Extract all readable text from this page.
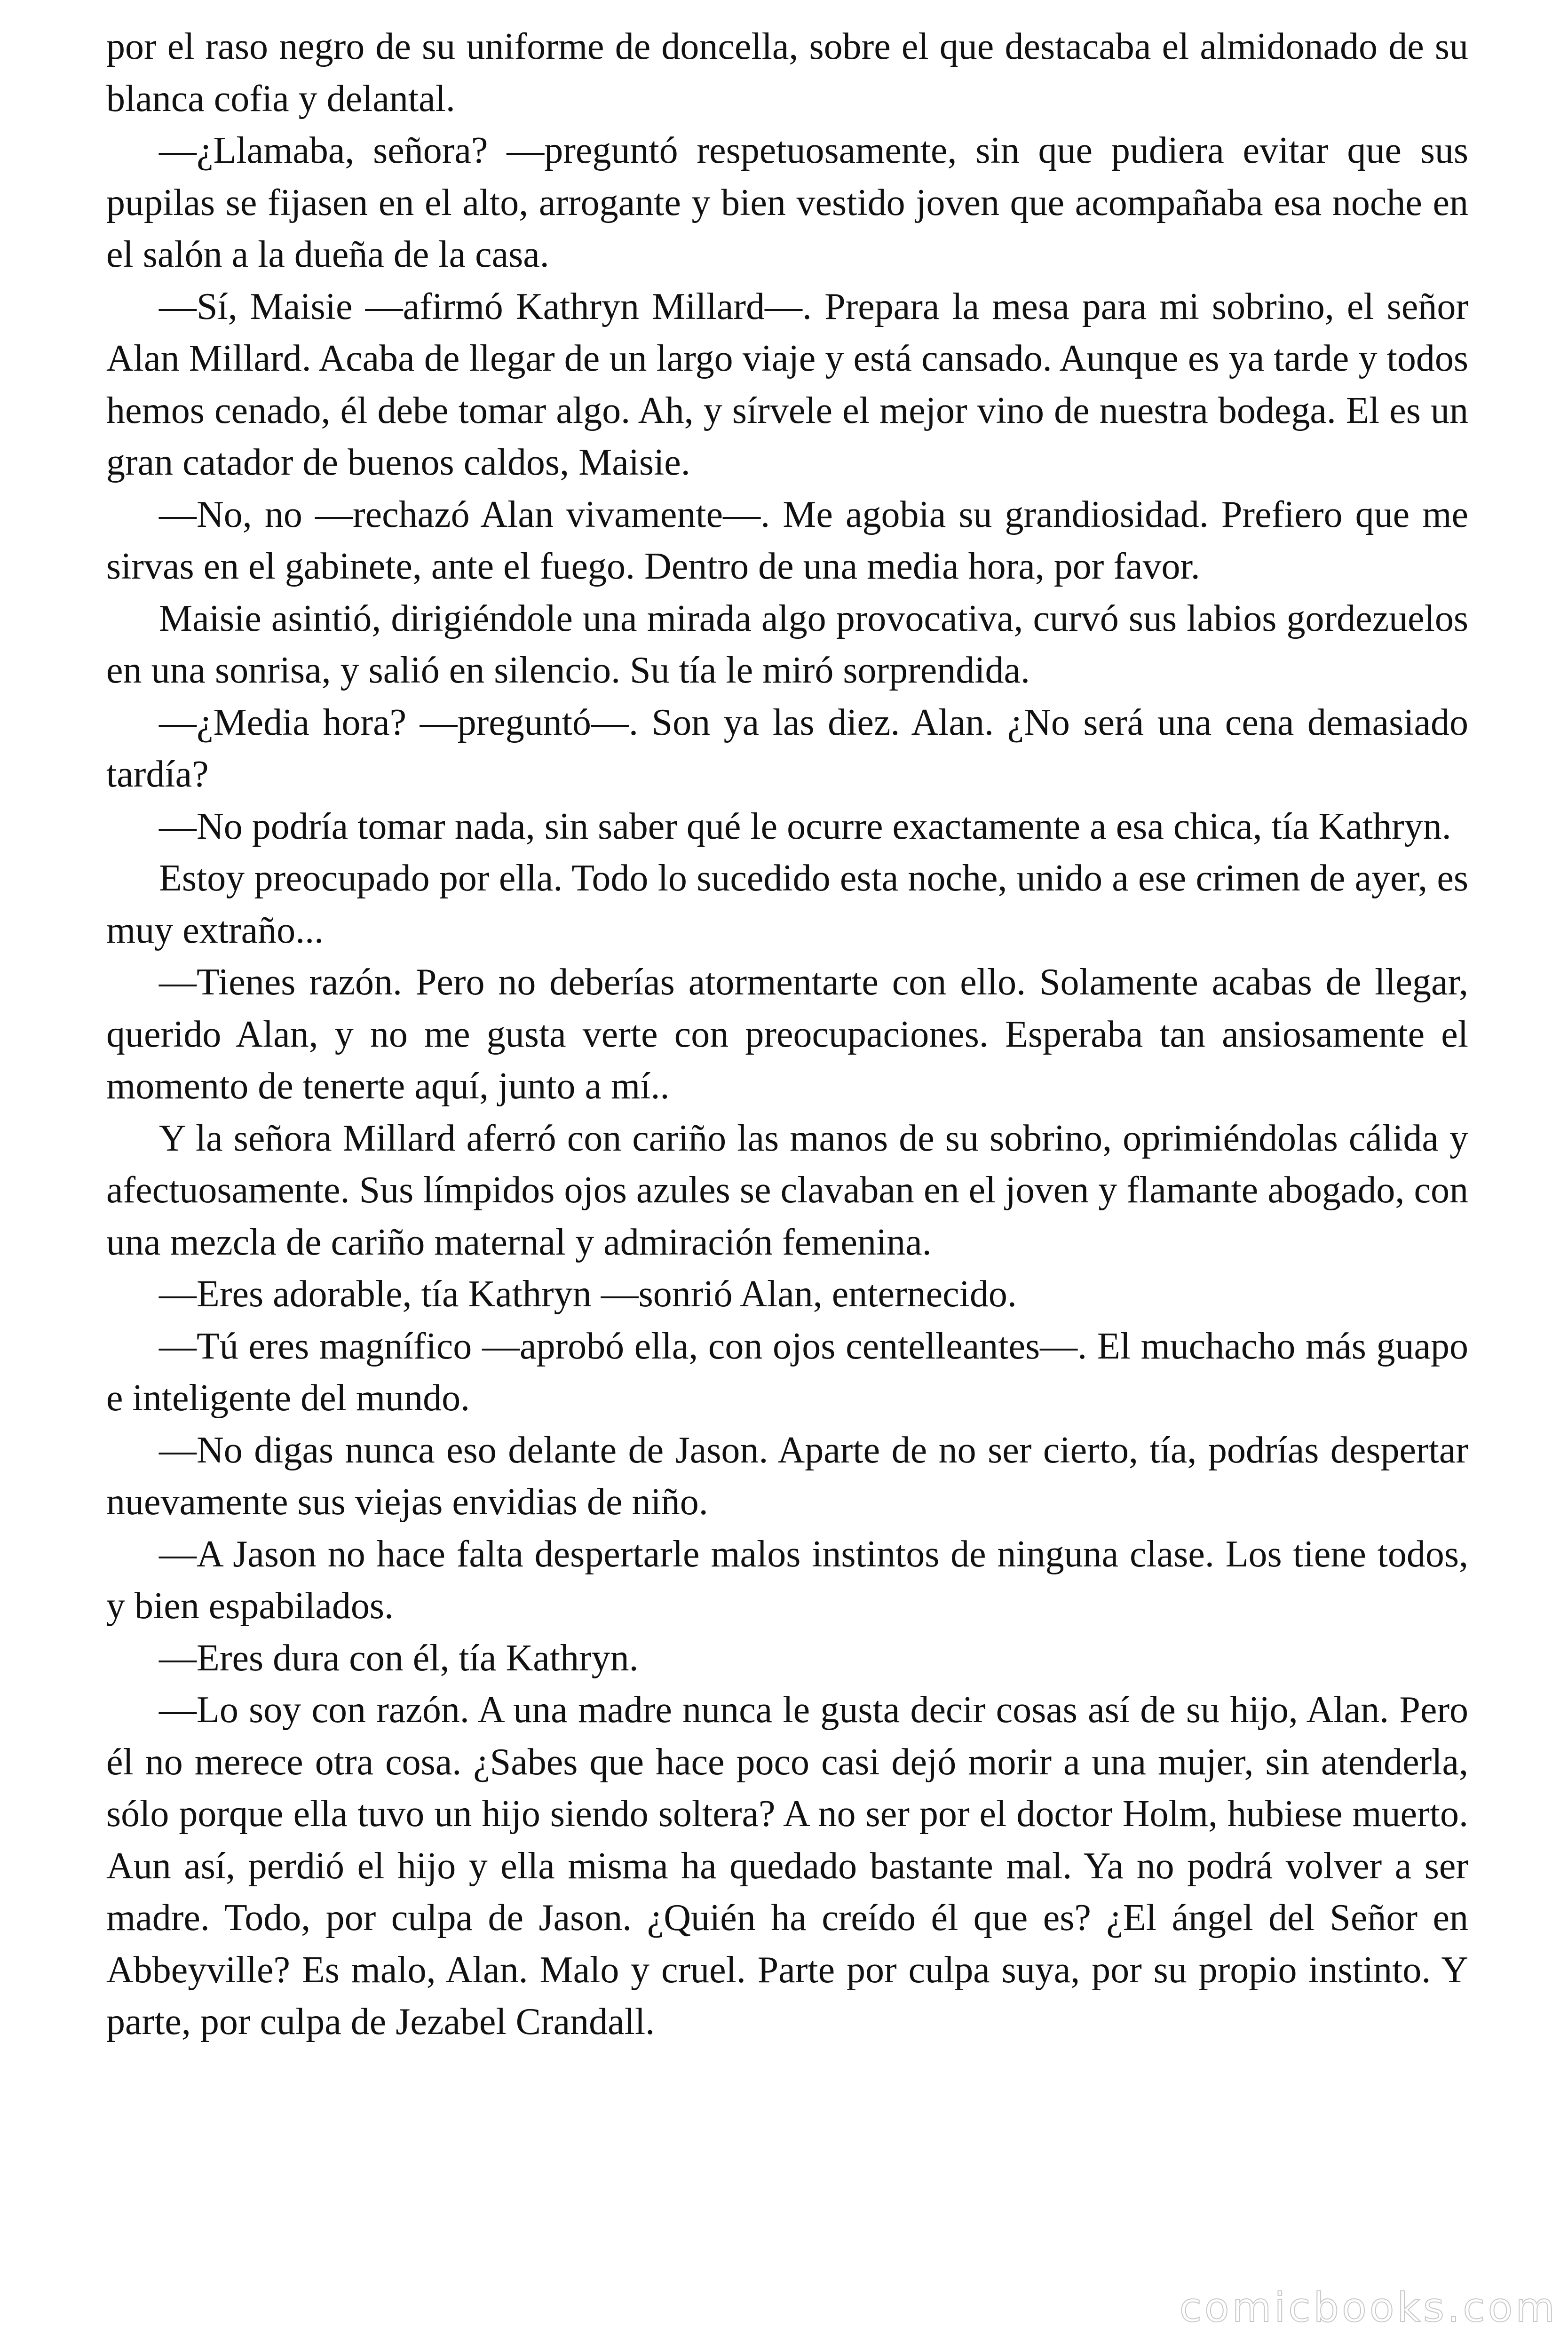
por el raso negro de su uniforme de doncella, sobre el que destacaba el almidonado de su blanca cofia y delantal.

—¿Llamaba, señora? —preguntó respetuosamente, sin que pudiera evitar que sus pupilas se fijasen en el alto, arrogante y bien vestido joven que acompañaba esa noche en el salón a la dueña de la casa.

—Sí, Maisie —afirmó Kathryn Millard—. Prepara la mesa para mi sobrino, el señor Alan Millard. Acaba de llegar de un largo viaje y está cansado. Aunque es ya tarde y todos hemos cenado, él debe tomar algo. Ah, y sírvele el mejor vino de nuestra bodega. El es un gran catador de buenos caldos, Maisie.

—No, no —rechazó Alan vivamente—. Me agobia su grandiosidad. Prefiero que me sirvas en el gabinete, ante el fuego. Dentro de una media hora, por favor.

Maisie asintió, dirigiéndole una mirada algo provocativa, curvó sus labios gordezuelos en una sonrisa, y salió en silencio. Su tía le miró sorprendida.

—¿Media hora? —preguntó—. Son ya las diez. Alan. ¿No será una cena demasiado tardía?

—No podría tomar nada, sin saber qué le ocurre exactamente a esa chica, tía Kathryn.

Estoy preocupado por ella. Todo lo sucedido esta noche, unido a ese crimen de ayer, es muy extraño...

—Tienes razón. Pero no deberías atormentarte con ello. Solamente acabas de llegar, querido Alan, y no me gusta verte con preocupaciones. Esperaba tan ansiosamente el momento de tenerte aquí, junto a mí..

Y la señora Millard aferró con cariño las manos de su sobrino, oprimiéndolas cálida y afectuosamente. Sus límpidos ojos azules se clavaban en el joven y flamante abogado, con una mezcla de cariño maternal y admiración femenina.

—Eres adorable, tía Kathryn —sonrió Alan, enternecido.

—Tú eres magnífico —aprobó ella, con ojos centelleantes—. El muchacho más guapo e inteligente del mundo.

—No digas nunca eso delante de Jason. Aparte de no ser cierto, tía, podrías despertar nuevamente sus viejas envidias de niño.

—A Jason no hace falta despertarle malos instintos de ninguna clase. Los tiene todos, y bien espabilados.

—Eres dura con él, tía Kathryn.

—Lo soy con razón. A una madre nunca le gusta decir cosas así de su hijo, Alan. Pero él no merece otra cosa. ¿Sabes que hace poco casi dejó morir a una mujer, sin atenderla, sólo porque ella tuvo un hijo siendo soltera? A no ser por el doctor Holm, hubiese muerto. Aun así, perdió el hijo y ella misma ha quedado bastante mal. Ya no podrá volver a ser madre. Todo, por culpa de Jason. ¿Quién ha creído él que es? ¿El ángel del Señor en Abbeyville? Es malo, Alan. Malo y cruel. Parte por culpa suya, por su propio instinto. Y parte, por culpa de Jezabel Crandall.

comicbooks.com
